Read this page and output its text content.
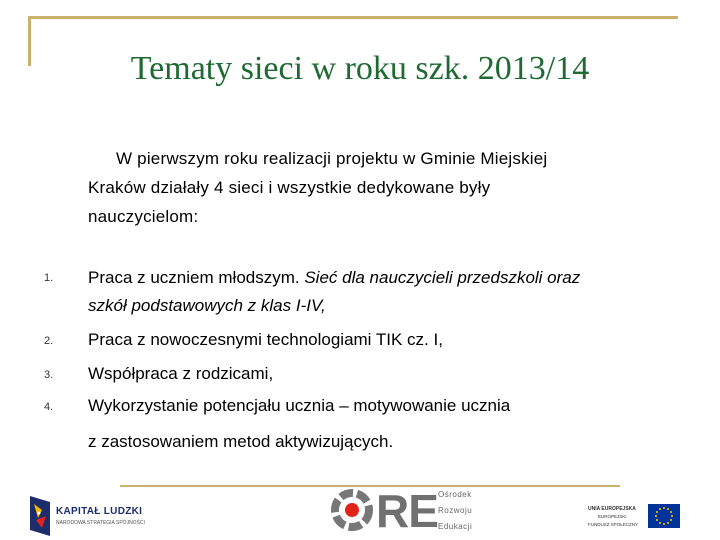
Tematy sieci w roku szk. 2013/14
W pierwszym roku realizacji projektu w Gminie Miejskiej
Kraków działały 4 sieci i wszystkie dedykowane były
nauczycielom:
1. Praca z uczniem młodszym. Sieć dla nauczycieli przedszkoli oraz
szkół podstawowych z klas I-IV,
2. Praca z nowoczesnymi technologiami TIK cz. I,
3. Współpraca z rodzicami,
4. Wykorzystanie potencjału ucznia – motywowanie ucznia
z zastosowaniem metod aktywizujących.
KAPITAŁ LUDZKI
NARODOWA STRATEGIA SPÓJNOŚCI	RE Ośrodek
Rozwoju
Edukacji
UNIA EUROPEJSKA
EUROPEJSKI
FUNDUSZ SPOŁECZNY
